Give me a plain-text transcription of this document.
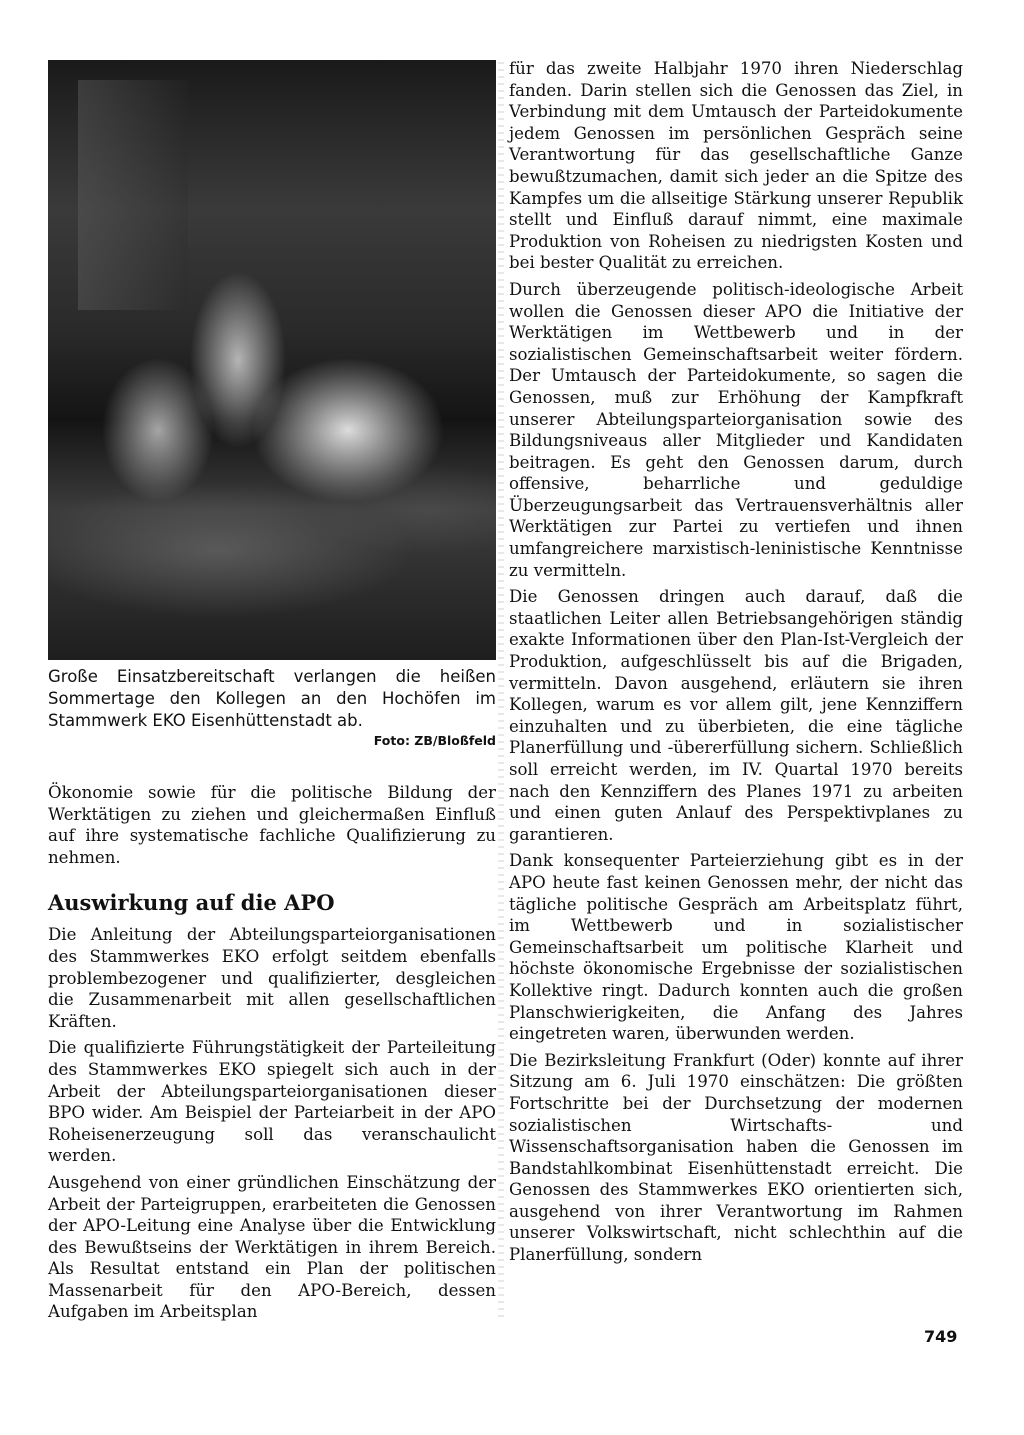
Große Einsatzbereitschaft verlangen die heißen Sommertage den Kollegen an den Hochöfen im Stammwerk EKO Eisenhüttenstadt ab.

Foto: ZB/Bloßfeld

Ökonomie sowie für die politische Bildung der Werktätigen zu ziehen und gleichermaßen Einfluß auf ihre systematische fachliche Qualifizierung zu nehmen.

Auswirkung auf die APO

Die Anleitung der Abteilungsparteiorganisationen des Stammwerkes EKO erfolgt seitdem ebenfalls problembezogener und qualifizierter, desgleichen die Zusammenarbeit mit allen gesellschaftlichen Kräften.

Die qualifizierte Führungstätigkeit der Parteileitung des Stammwerkes EKO spiegelt sich auch in der Arbeit der Abteilungsparteiorganisationen dieser BPO wider. Am Beispiel der Parteiarbeit in der APO Roheisenerzeugung soll das veranschaulicht werden.

Ausgehend von einer gründlichen Einschätzung der Arbeit der Parteigruppen, erarbeiteten die Genossen der APO-Leitung eine Analyse über die Entwicklung des Bewußtseins der Werktätigen in ihrem Bereich. Als Resultat entstand ein Plan der politischen Massenarbeit für den APO-Bereich, dessen Aufgaben im Arbeitsplan

für das zweite Halbjahr 1970 ihren Niederschlag fanden. Darin stellen sich die Genossen das Ziel, in Verbindung mit dem Umtausch der Parteidokumente jedem Genossen im persönlichen Gespräch seine Verantwortung für das gesellschaftliche Ganze bewußtzumachen, damit sich jeder an die Spitze des Kampfes um die allseitige Stärkung unserer Republik stellt und Einfluß darauf nimmt, eine maximale Produktion von Roheisen zu niedrigsten Kosten und bei bester Qualität zu erreichen.

Durch überzeugende politisch-ideologische Arbeit wollen die Genossen dieser APO die Initiative der Werktätigen im Wettbewerb und in der sozialistischen Gemeinschaftsarbeit weiter fördern. Der Umtausch der Parteidokumente, so sagen die Genossen, muß zur Erhöhung der Kampfkraft unserer Abteilungsparteiorganisation sowie des Bildungsniveaus aller Mitglieder und Kandidaten beitragen. Es geht den Genossen darum, durch offensive, beharrliche und geduldige Überzeugungsarbeit das Vertrauensverhältnis aller Werktätigen zur Partei zu vertiefen und ihnen umfangreichere marxistisch-leninistische Kenntnisse zu vermitteln.

Die Genossen dringen auch darauf, daß die staatlichen Leiter allen Betriebsangehörigen ständig exakte Informationen über den Plan-Ist-Vergleich der Produktion, aufgeschlüsselt bis auf die Brigaden, vermitteln. Davon ausgehend, erläutern sie ihren Kollegen, warum es vor allem gilt, jene Kennziffern einzuhalten und zu überbieten, die eine tägliche Planerfüllung und -übererfüllung sichern. Schließlich soll erreicht werden, im IV. Quartal 1970 bereits nach den Kennziffern des Planes 1971 zu arbeiten und einen guten Anlauf des Perspektivplanes zu garantieren.

Dank konsequenter Parteierziehung gibt es in der APO heute fast keinen Genossen mehr, der nicht das tägliche politische Gespräch am Arbeitsplatz führt, im Wettbewerb und in sozialistischer Gemeinschaftsarbeit um politische Klarheit und höchste ökonomische Ergebnisse der sozialistischen Kollektive ringt. Dadurch konnten auch die großen Planschwierigkeiten, die Anfang des Jahres eingetreten waren, überwunden werden.

Die Bezirksleitung Frankfurt (Oder) konnte auf ihrer Sitzung am 6. Juli 1970 einschätzen: Die größten Fortschritte bei der Durchsetzung der modernen sozialistischen Wirtschafts- und Wissenschaftsorganisation haben die Genossen im Bandstahlkombinat Eisenhüttenstadt erreicht. Die Genossen des Stammwerkes EKO orientierten sich, ausgehend von ihrer Verantwortung im Rahmen unserer Volkswirtschaft, nicht schlechthin auf die Planerfüllung, sondern

749
